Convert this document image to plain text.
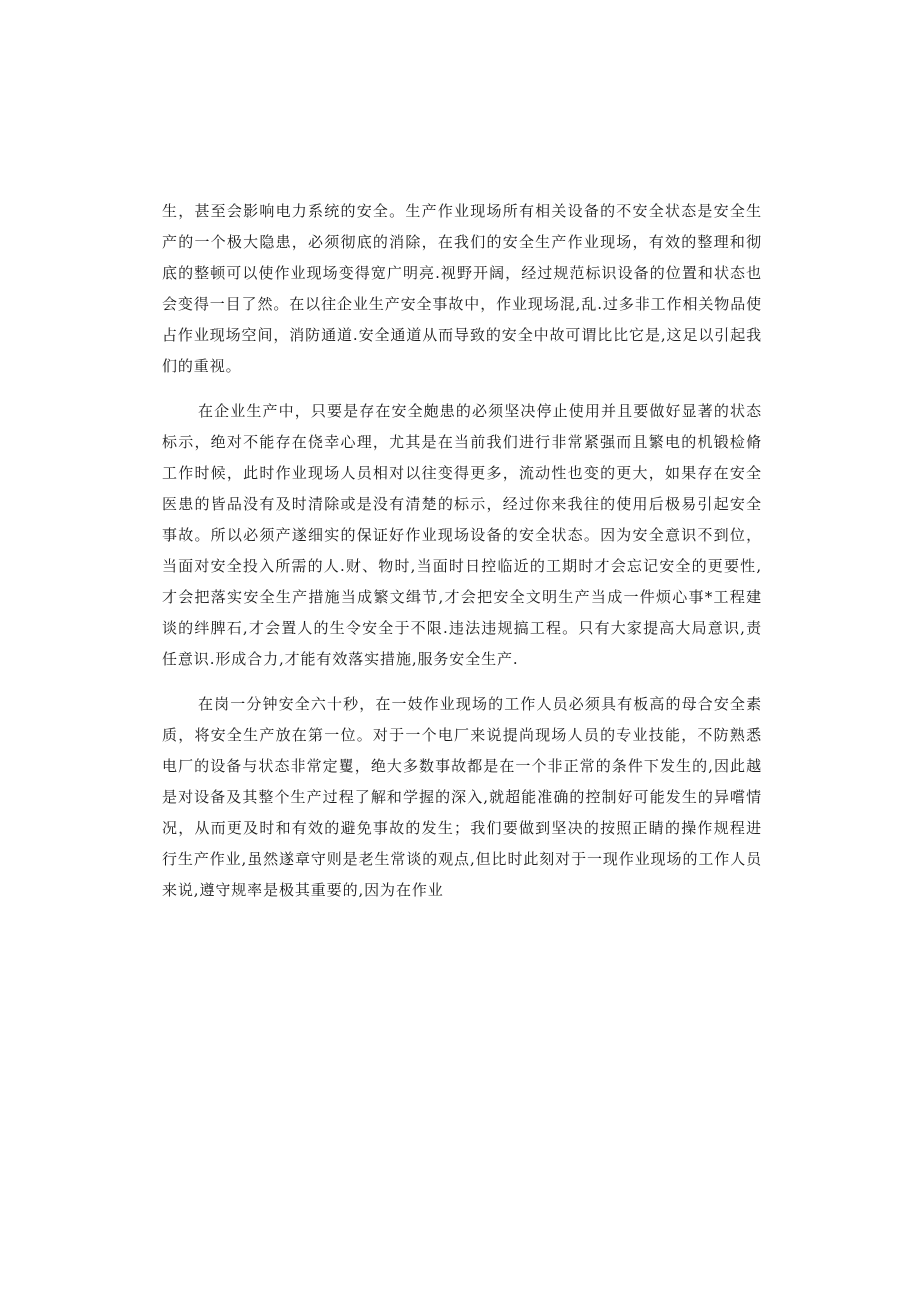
生，甚至会影响电力系统的安全。生产作业现场所有相关设备的不安全状态是安全生产的一个极大隐患，必须彻底的消除，在我们的安全生产作业现场，有效的整理和彻底的整顿可以使作业现场变得宽广明亮.视野开阔，经过规范标识设备的位置和状态也会变得一目了然。在以往企业生产安全事故中，作业现场混,乱.过多非工作相关物品使占作业现场空间，消防通道.安全通道从而导致的安全中故可谓比比它是,这足以引起我们的重视。

在企业生产中，只要是存在安全皰患的必须坚决停止使用并且要做好显著的状态标示，绝对不能存在侥幸心理，尤其是在当前我们进行非常紧强而且繁电的机锻检脩工作时候，此时作业现场人员相对以往变得更多，流动性也变的更大，如果存在安全医患的皆品没有及时清除或是没有清楚的标示，经过你来我往的使用后极易引起安全事故。所以必须产遂细实的保证好作业现场设备的安全状态。因为安全意识不到位，当面对安全投入所需的人.财、物时,当面时日控临近的工期时才会忘记安全的更要性,才会把落实安全生产措施当成繁文缉节,才会把安全文明生产当成一件烦心事*工程建谈的绊脾石,才会置人的生令安全于不限.违法违规搞工程。只有大家提高大局意识,责任意识.形成合力,才能有效落实措施,服务安全生产.

在岗一分钟安全六十秒，在一妓作业现场的工作人员必须具有板高的母合安全素质，将安全生产放在第一位。对于一个电厂来说提尚现场人员的专业技能，不防熟悉电厂的设备与状态非常定矍，绝大多数事故都是在一个非正常的条件下发生的,因此越是对设备及其整个生产过程了解和学握的深入,就超能准确的控制好可能发生的异嚐情况，从而更及时和有效的避免事故的发生；我们要做到坚决的按照正睛的操作规程进行生产作业,虽然遂章守则是老生常谈的观点,但比时此刻对于一现作业现场的工作人员来说,遵守规率是极其重要的,因为在作业
